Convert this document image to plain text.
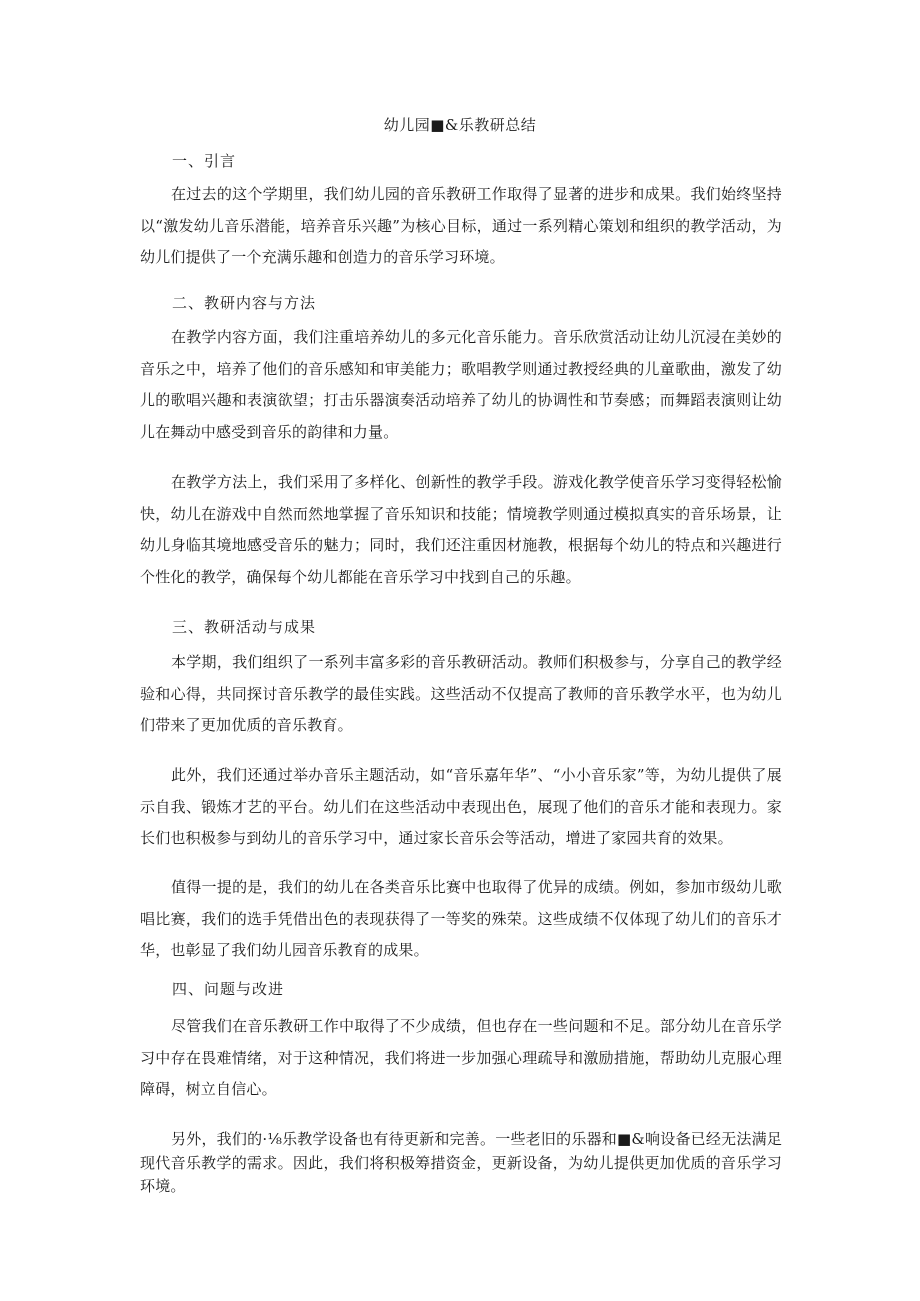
幼儿园■&乐教研总结
一、引言
在过去的这个学期里，我们幼儿园的音乐教研工作取得了显著的进步和成果。我们始终坚持以“激发幼儿音乐潜能，培养音乐兴趣”为核心目标，通过一系列精心策划和组织的教学活动，为幼儿们提供了一个充满乐趣和创造力的音乐学习环境。
二、教研内容与方法
在教学内容方面，我们注重培养幼儿的多元化音乐能力。音乐欣赏活动让幼儿沉浸在美妙的音乐之中，培养了他们的音乐感知和审美能力；歌唱教学则通过教授经典的儿童歌曲，激发了幼儿的歌唱兴趣和表演欲望；打击乐器演奏活动培养了幼儿的协调性和节奏感；而舞蹈表演则让幼儿在舞动中感受到音乐的韵律和力量。
在教学方法上，我们采用了多样化、创新性的教学手段。游戏化教学使音乐学习变得轻松愉快，幼儿在游戏中自然而然地掌握了音乐知识和技能；情境教学则通过模拟真实的音乐场景，让幼儿身临其境地感受音乐的魅力；同时，我们还注重因材施教，根据每个幼儿的特点和兴趣进行个性化的教学，确保每个幼儿都能在音乐学习中找到自己的乐趣。
三、教研活动与成果
本学期，我们组织了一系列丰富多彩的音乐教研活动。教师们积极参与，分享自己的教学经验和心得，共同探讨音乐教学的最佳实践。这些活动不仅提高了教师的音乐教学水平，也为幼儿们带来了更加优质的音乐教育。
此外，我们还通过举办音乐主题活动，如“音乐嘉年华”、“小小音乐家”等，为幼儿提供了展示自我、锻炼才艺的平台。幼儿们在这些活动中表现出色，展现了他们的音乐才能和表现力。家长们也积极参与到幼儿的音乐学习中，通过家长音乐会等活动，增进了家园共育的效果。
值得一提的是，我们的幼儿在各类音乐比赛中也取得了优异的成绩。例如，参加市级幼儿歌唱比赛，我们的选手凭借出色的表现获得了一等奖的殊荣。这些成绩不仅体现了幼儿们的音乐才华，也彰显了我们幼儿园音乐教育的成果。
四、问题与改进
尽管我们在音乐教研工作中取得了不少成绩，但也存在一些问题和不足。部分幼儿在音乐学习中存在畏难情绪，对于这种情况，我们将进一步加强心理疏导和激励措施，帮助幼儿克服心理障碍，树立自信心。
另外，我们的·⅛乐教学设备也有待更新和完善。一些老旧的乐器和■&响设备已经无法满足现代音乐教学的需求。因此，我们将积极筹措资金，更新设备，为幼儿提供更加优质的音乐学习环境。
